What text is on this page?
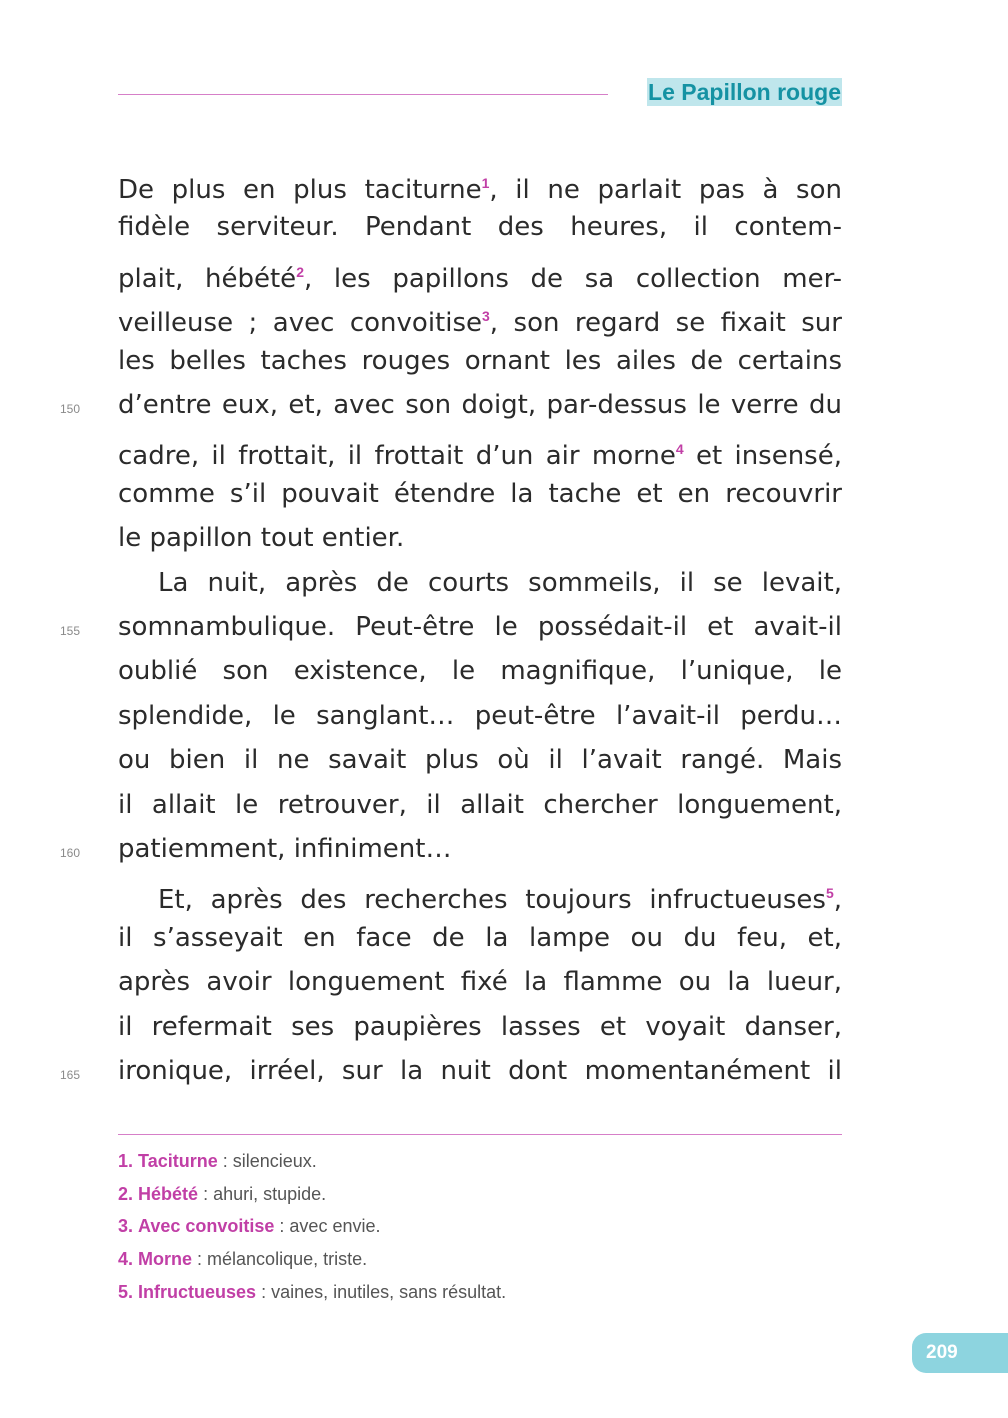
Le Papillon rouge
De plus en plus taciturne$^1$, il ne parlait pas à son
fidèle serviteur. Pendant des heures, il contem-
plait, hébété$^2$, les papillons de sa collection mer-
veilleuse ; avec convoitise$^3$, son regard se fixait sur
les belles taches rouges ornant les ailes de certains
d’entre eux, et, avec son doigt, par-dessus le verre du
cadre, il frottait, il frottait d’un air morne$^4$ et insensé,
comme s’il pouvait étendre la tache et en recouvrir
le papillon tout entier.
La nuit, après de courts sommeils, il se levait,
somnambulique. Peut-être le possédait-il et avait-il
oublié son existence, le magnifique, l’unique, le
splendide, le sanglant… peut-être l’avait-il perdu…
ou bien il ne savait plus où il l’avait rangé. Mais
il allait le retrouver, il allait chercher longuement,
patiemment, infiniment…
Et, après des recherches toujours infructueuses$^5$,
il s’asseyait en face de la lampe ou du feu, et,
après avoir longuement fixé la flamme ou la lueur,
il refermait ses paupières lasses et voyait danser,
ironique, irréel, sur la nuit dont momentanément il
150
155
160
165
1. Taciturne : silencieux.
2. Hébété : ahuri, stupide.
3. Avec convoitise : avec envie.
4. Morne : mélancolique, triste.
5. Infructueuses : vaines, inutiles, sans résultat.
209
